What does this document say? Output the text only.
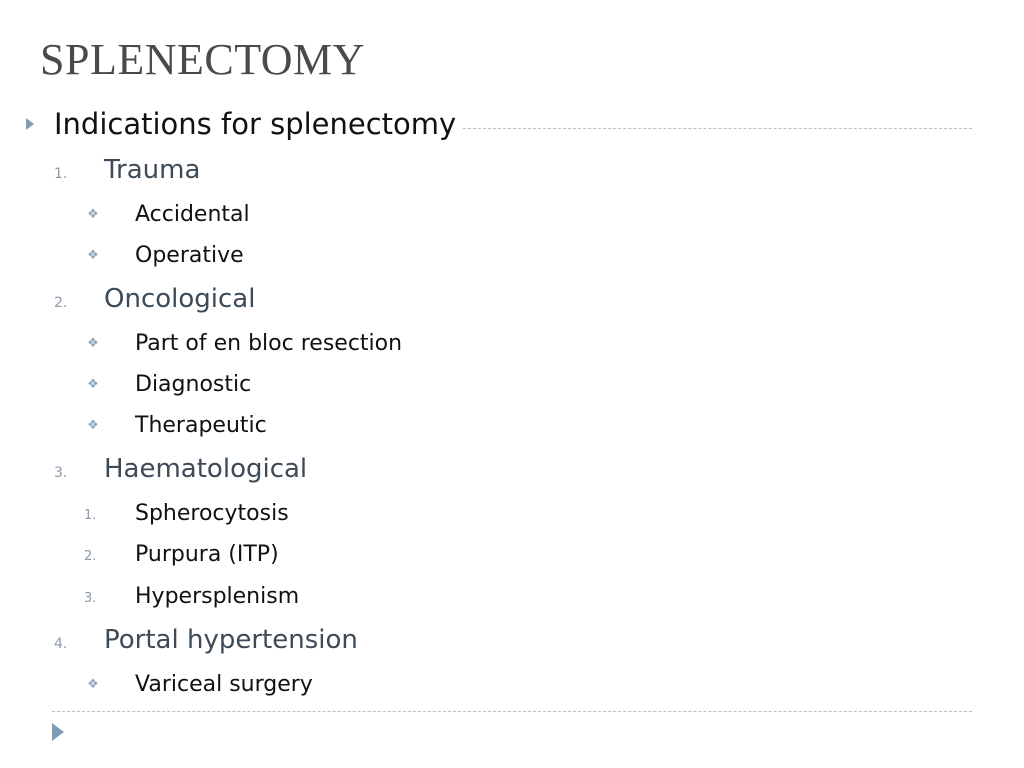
SPLENECTOMY
Indications for splenectomy
1. Trauma
❖ Accidental
❖ Operative
2. Oncological
❖ Part of en bloc resection
❖ Diagnostic
❖ Therapeutic
3. Haematological
1. Spherocytosis
2. Purpura (ITP)
3. Hypersplenism
4. Portal hypertension
❖ Variceal surgery
